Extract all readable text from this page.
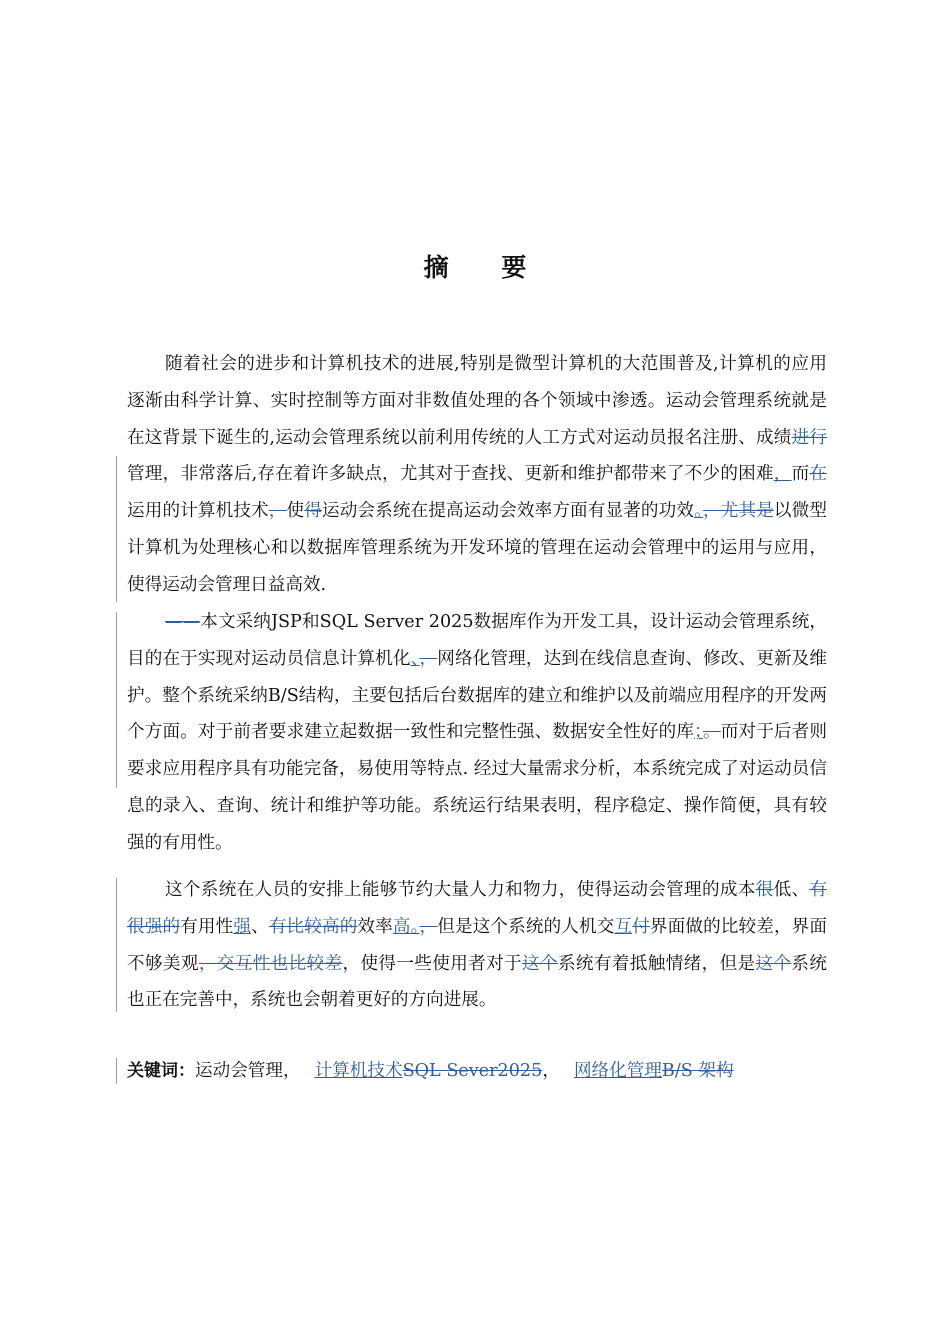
摘 要

随着社会的进步和计算机技术的进展,特别是微型计算机的大范围普及,计算机的应用逐渐由科学计算、实时控制等方面对非数值处理的各个领域中渗透。运动会管理系统就是在这背景下诞生的,运动会管理系统以前利用传统的人工方式对运动员报名注册、成绩进行管理，非常落后,存在着许多缺点，尤其对于查找、更新和维护都带来了不少的困难，而在运用的计算机技术，使得运动会系统在提高运动会效率方面有显著的功效。，尤其是以微型计算机为处理核心和以数据库管理系统为开发环境的管理在运动会管理中的运用与应用，使得运动会管理日益高效.

——本文采纳JSP和SQL Server 2025数据库作为开发工具，设计运动会管理系统，目的在于实现对运动员信息计算机化、，网络化管理，达到在线信息查询、修改、更新及维护。整个系统采纳B/S结构，主要包括后台数据库的建立和维护以及前端应用程序的开发两个方面。对于前者要求建立起数据一致性和完整性强、数据安全性好的库；。而对于后者则要求应用程序具有功能完备，易使用等特点. 经过大量需求分析，本系统完成了对运动员信息的录入、查询、统计和维护等功能。系统运行结果表明，程序稳定、操作简便，具有较强的有用性。

这个系统在人员的安排上能够节约大量人力和物力，使得运动会管理的成本很低、有很强的有用性强、有比较高的效率高。，但是这个系统的人机交互付界面做的比较差，界面不够美观，交互性也比较差，使得一些使用者对于这个系统有着抵触情绪，但是这个系统也正在完善中，系统也会朝着更好的方向进展。

关键词：运动会管理， 计算机技术SQL Sever2025， 网络化管理B/S 架构
